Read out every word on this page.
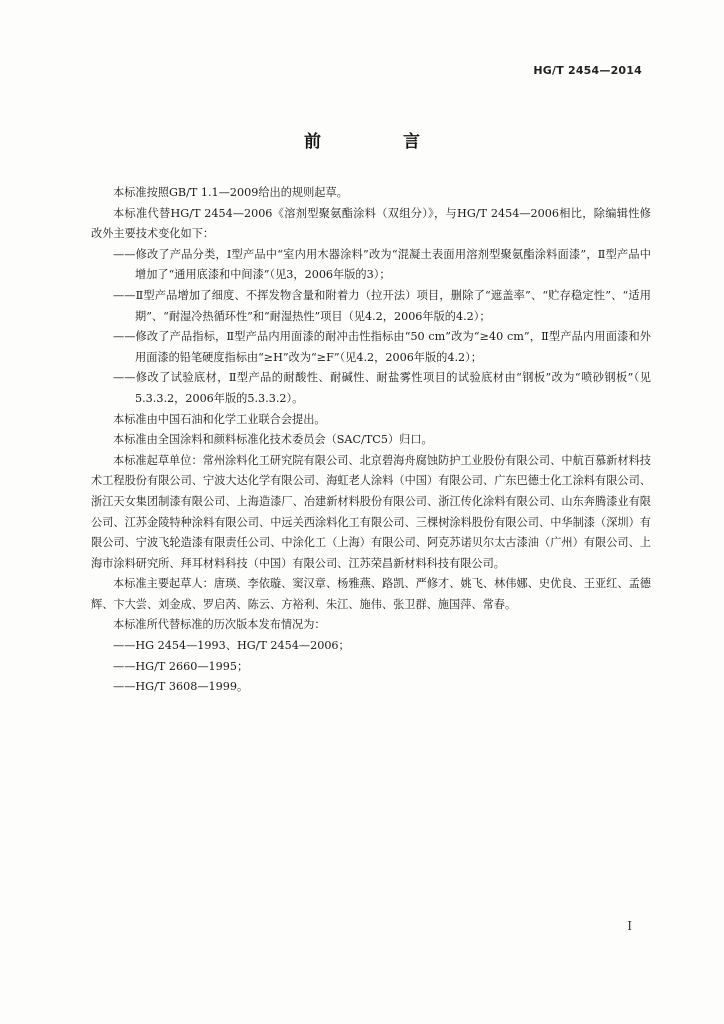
HG/T 2454—2014
前 言

本标准按照GB/T 1.1—2009给出的规则起草。

本标准代替HG/T 2454—2006《溶剂型聚氨酯涂料（双组分）》，与HG/T 2454—2006相比，除编辑性修改外主要技术变化如下：

——修改了产品分类，Ⅰ型产品中“室内用木器涂料”改为“混凝土表面用溶剂型聚氨酯涂料面漆”，Ⅱ型产品中增加了“通用底漆和中间漆”（见3，2006年版的3）；

——Ⅱ型产品增加了细度、不挥发物含量和附着力（拉开法）项目，删除了“遮盖率”、“贮存稳定性”、“适用期”、“耐湿冷热循环性”和“耐湿热性”项目（见4.2，2006年版的4.2）；

——修改了产品指标，Ⅱ型产品内用面漆的耐冲击性指标由“50 cm”改为“≥40 cm”，Ⅱ型产品内用面漆和外用面漆的铅笔硬度指标由“≥H”改为“≥F”（见4.2，2006年版的4.2）；

——修改了试验底材，Ⅱ型产品的耐酸性、耐碱性、耐盐雾性项目的试验底材由“钢板”改为“喷砂钢板”（见5.3.3.2，2006年版的5.3.3.2）。

本标准由中国石油和化学工业联合会提出。

本标准由全国涂料和颜料标准化技术委员会（SAC/TC5）归口。

本标准起草单位：常州涂料化工研究院有限公司、北京碧海舟腐蚀防护工业股份有限公司、中航百慕新材料技术工程股份有限公司、宁波大达化学有限公司、海虹老人涂料（中国）有限公司、广东巴德士化工涂料有限公司、浙江天女集团制漆有限公司、上海造漆厂、冶建新材料股份有限公司、浙江传化涂料有限公司、山东奔腾漆业有限公司、江苏金陵特种涂料有限公司、中远关西涂料化工有限公司、三棵树涂料股份有限公司、中华制漆（深圳）有限公司、宁波飞轮造漆有限责任公司、中涂化工（上海）有限公司、阿克苏诺贝尔太古漆油（广州）有限公司、上海市涂料研究所、拜耳材料科技（中国）有限公司、江苏荣昌新材料科技有限公司。

本标准主要起草人：唐瑛、李依璇、窦汉章、杨雅燕、路凯、严修才、姚飞、林伟娜、史优良、王亚红、孟德辉、卞大尝、刘金成、罗启芮、陈云、方裕利、朱江、施伟、张卫群、施国萍、常春。

本标准所代替标准的历次版本发布情况为：

——HG 2454—1993、HG/T 2454—2006；

——HG/T 2660—1995；

——HG/T 3608—1999。

Ⅰ
